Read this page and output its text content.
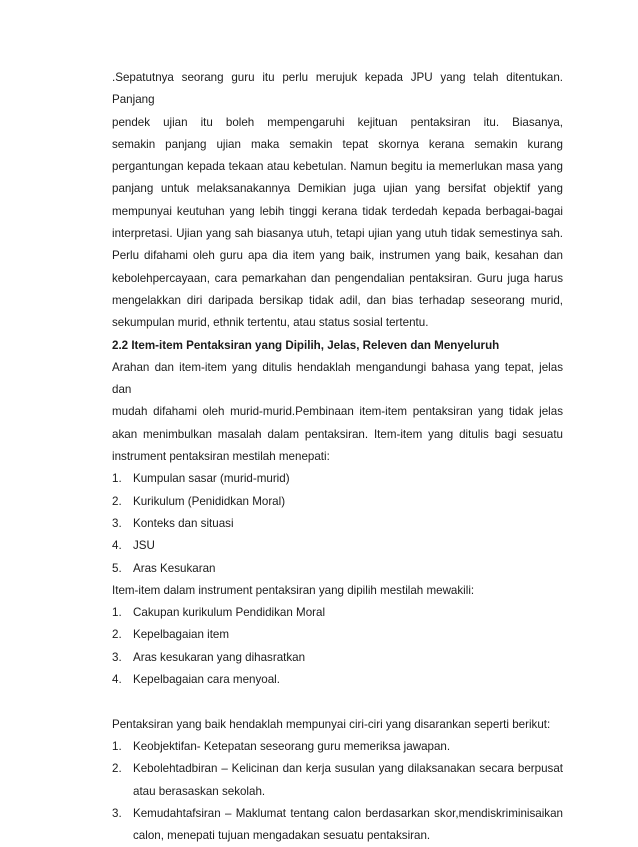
.Sepatutnya seorang guru itu perlu merujuk kepada JPU yang telah ditentukan. Panjang

pendek ujian itu boleh mempengaruhi kejituan pentaksiran itu. Biasanya,

semakin panjang ujian maka semakin tepat skornya kerana semakin kurang

pergantungan kepada tekaan atau kebetulan. Namun begitu ia memerlukan masa yang

panjang untuk melaksanakannya Demikian juga ujian yang bersifat objektif yang

mempunyai keutuhan yang lebih tinggi kerana tidak terdedah kepada berbagai-bagai

interpretasi. Ujian yang sah biasanya utuh, tetapi ujian yang utuh tidak semestinya sah.

Perlu difahami oleh guru apa dia item yang baik, instrumen yang baik, kesahan dan

kebolehpercayaan, cara pemarkahan dan pengendalian pentaksiran. Guru juga harus

mengelakkan diri daripada bersikap tidak adil, dan bias terhadap seseorang murid,

sekumpulan murid, ethnik tertentu, atau status sosial tertentu.

2.2 Item-item Pentaksiran yang Dipilih, Jelas, Releven dan Menyeluruh

Arahan dan item-item yang ditulis hendaklah mengandungi bahasa yang tepat, jelas dan

mudah difahami oleh murid-murid.Pembinaan item-item pentaksiran yang tidak jelas

akan menimbulkan masalah dalam pentaksiran. Item-item yang ditulis bagi sesuatu

instrument pentaksiran mestilah menepati:

1. Kumpulan sasar (murid-murid)
2. Kurikulum (Penididkan Moral)
3. Konteks dan situasi
4. JSU
5. Aras Kesukaran

Item-item dalam instrument pentaksiran yang dipilih mestilah mewakili:

1. Cakupan kurikulum Pendidikan Moral
2. Kepelbagaian item
3. Aras kesukaran yang dihasratkan
4. Kepelbagaian cara menyoal.

Pentaksiran yang baik hendaklah mempunyai ciri-ciri yang disarankan seperti berikut:

1. Keobjektifan- Ketepatan seseorang guru memeriksa jawapan.

2. Kebolehtadbiran – Kelicinan dan kerja susulan yang dilaksanakan secara berpusat

atau berasaskan sekolah.

3. Kemudahtafsiran – Maklumat tentang calon berdasarkan skor,mendiskriminisaikan

calon, menepati tujuan mengadakan sesuatu pentaksiran.
